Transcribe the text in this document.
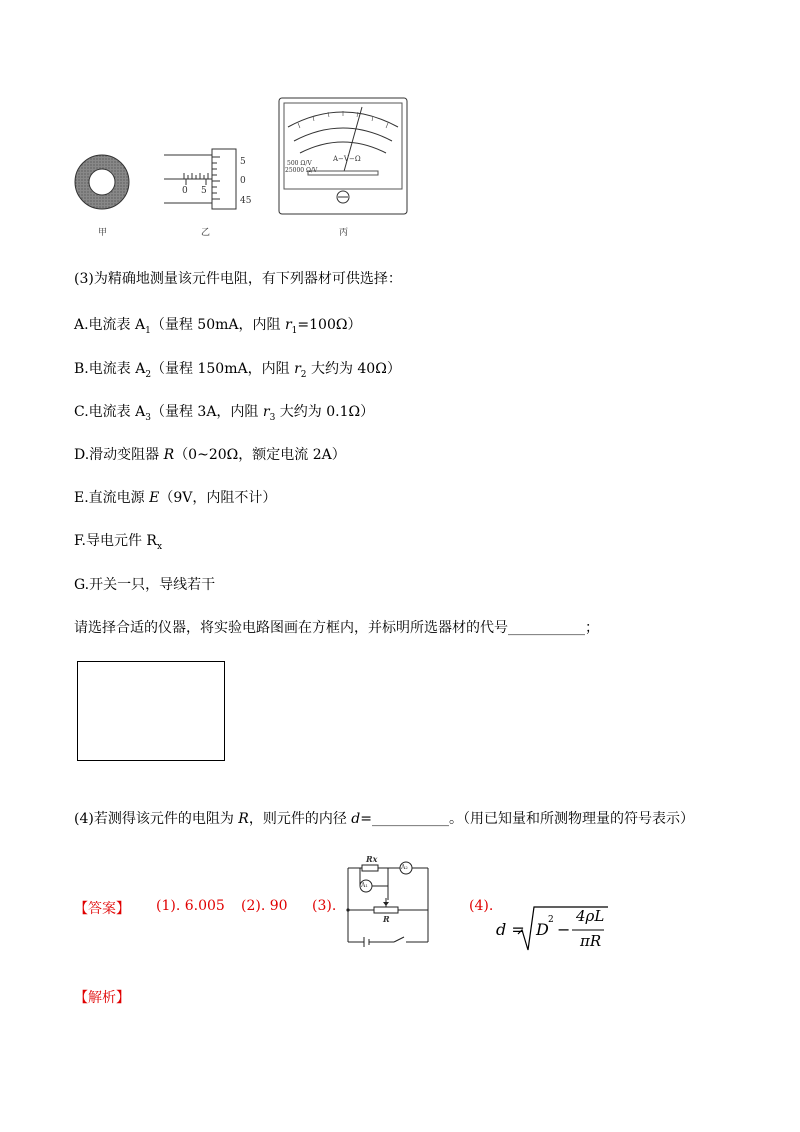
甲
5
0
45
0 5
乙
A−V−Ω
500 Ω/V
25000 Ω/V
丙
(3)为精确地测量该元件电阻，有下列器材可供选择：
A.电流表 $A_1$（量程 50mA，内阻 $r_1=100\Omega$）
B.电流表 $A_2$（量程 150mA，内阻 $r_2$ 大约为 40Ω）
C.电流表 $A_3$（量程 3A，内阻 $r_3$ 大约为 0.1Ω）
D.滑动变阻器 R（0~20Ω，额定电流 2A）
E.直流电源 E（9V，内阻不计）
F.导电元件 $R_x$
G.开关一只，导线若干
请选择合适的仪器，将实验电路图画在方框内，并标明所选器材的代号___________；
(4)若测得该元件的电阻为 R，则元件的内径 d=___________。（用已知量和所测物理量的符号表示）
【答案】 (1). 6.005 (2). 90 (3).	(4).
Rx
A₂
A₁
R
d = D 2 −
4ρL
πR
【解析】
